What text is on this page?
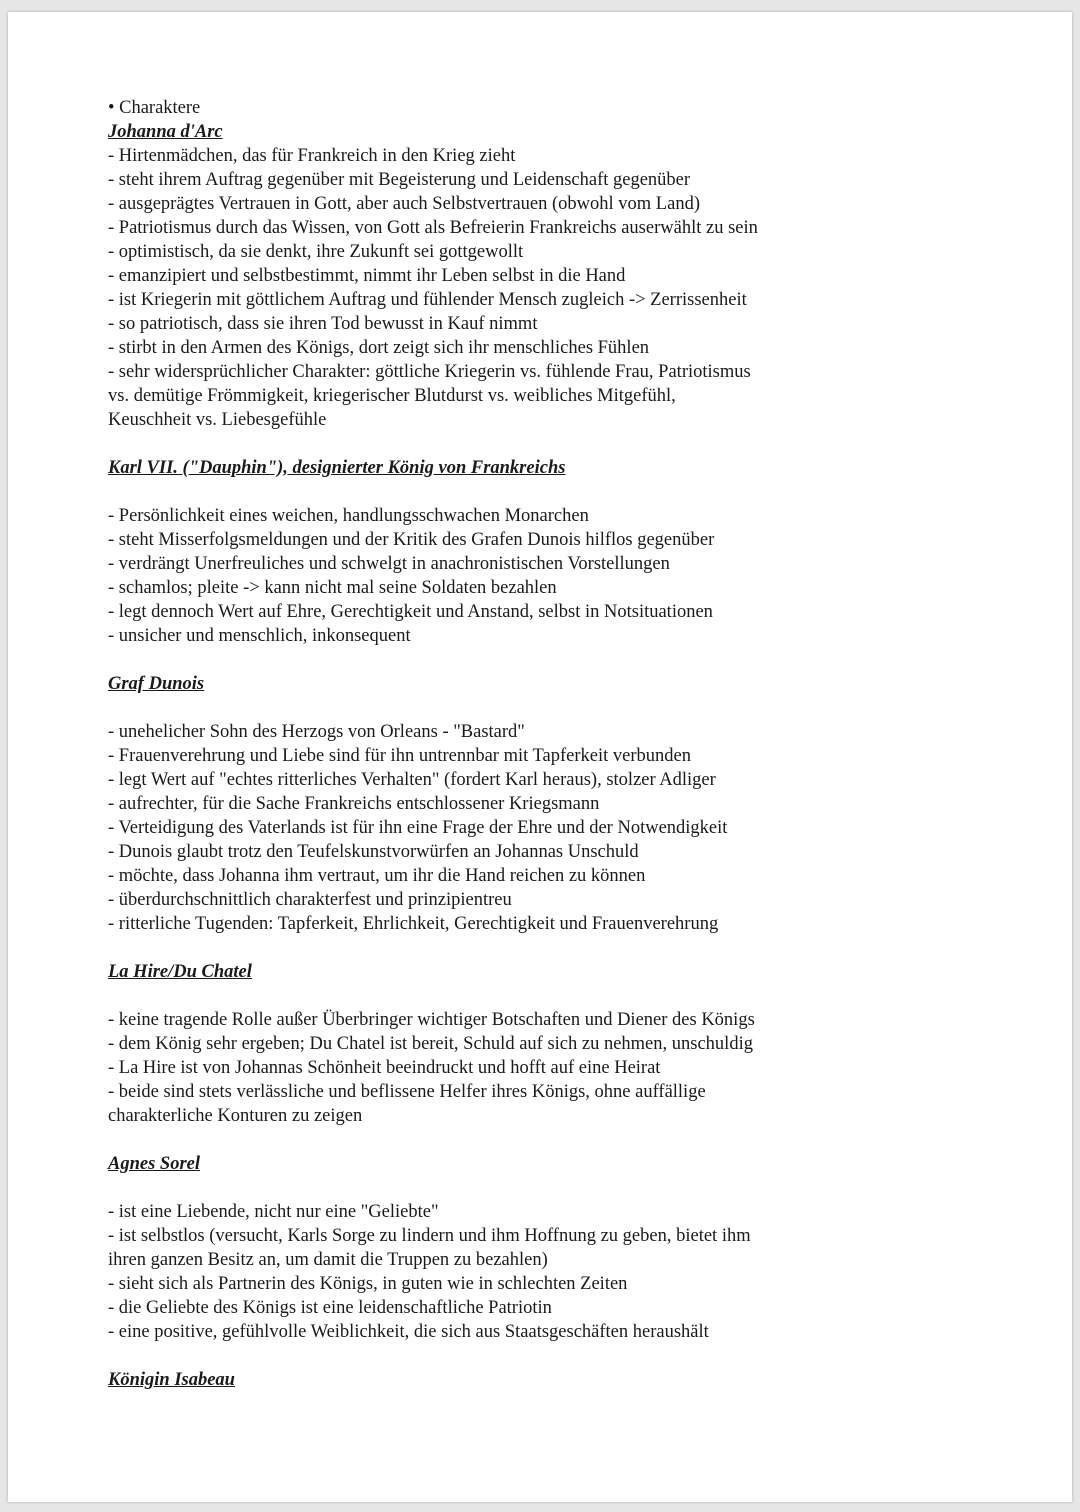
• Charaktere

Johanna d'Arc

- Hirtenmädchen, das für Frankreich in den Krieg zieht

- steht ihrem Auftrag gegenüber mit Begeisterung und Leidenschaft gegenüber

- ausgeprägtes Vertrauen in Gott, aber auch Selbstvertrauen (obwohl vom Land)

- Patriotismus durch das Wissen, von Gott als Befreierin Frankreichs auserwählt zu sein

- optimistisch, da sie denkt, ihre Zukunft sei gottgewollt

- emanzipiert und selbstbestimmt, nimmt ihr Leben selbst in die Hand

- ist Kriegerin mit göttlichem Auftrag und fühlender Mensch zugleich -> Zerrissenheit

- so patriotisch, dass sie ihren Tod bewusst in Kauf nimmt

- stirbt in den Armen des Königs, dort zeigt sich ihr menschliches Fühlen

- sehr widersprüchlicher Charakter: göttliche Kriegerin vs. fühlende Frau, Patriotismus

vs. demütige Frömmigkeit, kriegerischer Blutdurst vs. weibliches Mitgefühl,

Keuschheit vs. Liebesgefühle

Karl VII. ("Dauphin"), designierter König von Frankreichs

- Persönlichkeit eines weichen, handlungsschwachen Monarchen

- steht Misserfolgsmeldungen und der Kritik des Grafen Dunois hilflos gegenüber

- verdrängt Unerfreuliches und schwelgt in anachronistischen Vorstellungen

- schamlos; pleite -> kann nicht mal seine Soldaten bezahlen

- legt dennoch Wert auf Ehre, Gerechtigkeit und Anstand, selbst in Notsituationen

- unsicher und menschlich, inkonsequent

Graf Dunois

- unehelicher Sohn des Herzogs von Orleans - "Bastard"

- Frauenverehrung und Liebe sind für ihn untrennbar mit Tapferkeit verbunden

- legt Wert auf "echtes ritterliches Verhalten" (fordert Karl heraus), stolzer Adliger

- aufrechter, für die Sache Frankreichs entschlossener Kriegsmann

- Verteidigung des Vaterlands ist für ihn eine Frage der Ehre und der Notwendigkeit

- Dunois glaubt trotz den Teufelskunstvorwürfen an Johannas Unschuld

- möchte, dass Johanna ihm vertraut, um ihr die Hand reichen zu können

- überdurchschnittlich charakterfest und prinzipientreu

- ritterliche Tugenden: Tapferkeit, Ehrlichkeit, Gerechtigkeit und Frauenverehrung

La Hire/Du Chatel

- keine tragende Rolle außer Überbringer wichtiger Botschaften und Diener des Königs

- dem König sehr ergeben; Du Chatel ist bereit, Schuld auf sich zu nehmen, unschuldig

- La Hire ist von Johannas Schönheit beeindruckt und hofft auf eine Heirat

- beide sind stets verlässliche und beflissene Helfer ihres Königs, ohne auffällige

charakterliche Konturen zu zeigen

Agnes Sorel

- ist eine Liebende, nicht nur eine "Geliebte"

- ist selbstlos (versucht, Karls Sorge zu lindern und ihm Hoffnung zu geben, bietet ihm

ihren ganzen Besitz an, um damit die Truppen zu bezahlen)

- sieht sich als Partnerin des Königs, in guten wie in schlechten Zeiten

- die Geliebte des Königs ist eine leidenschaftliche Patriotin

- eine positive, gefühlvolle Weiblichkeit, die sich aus Staatsgeschäften heraushält

Königin Isabeau
